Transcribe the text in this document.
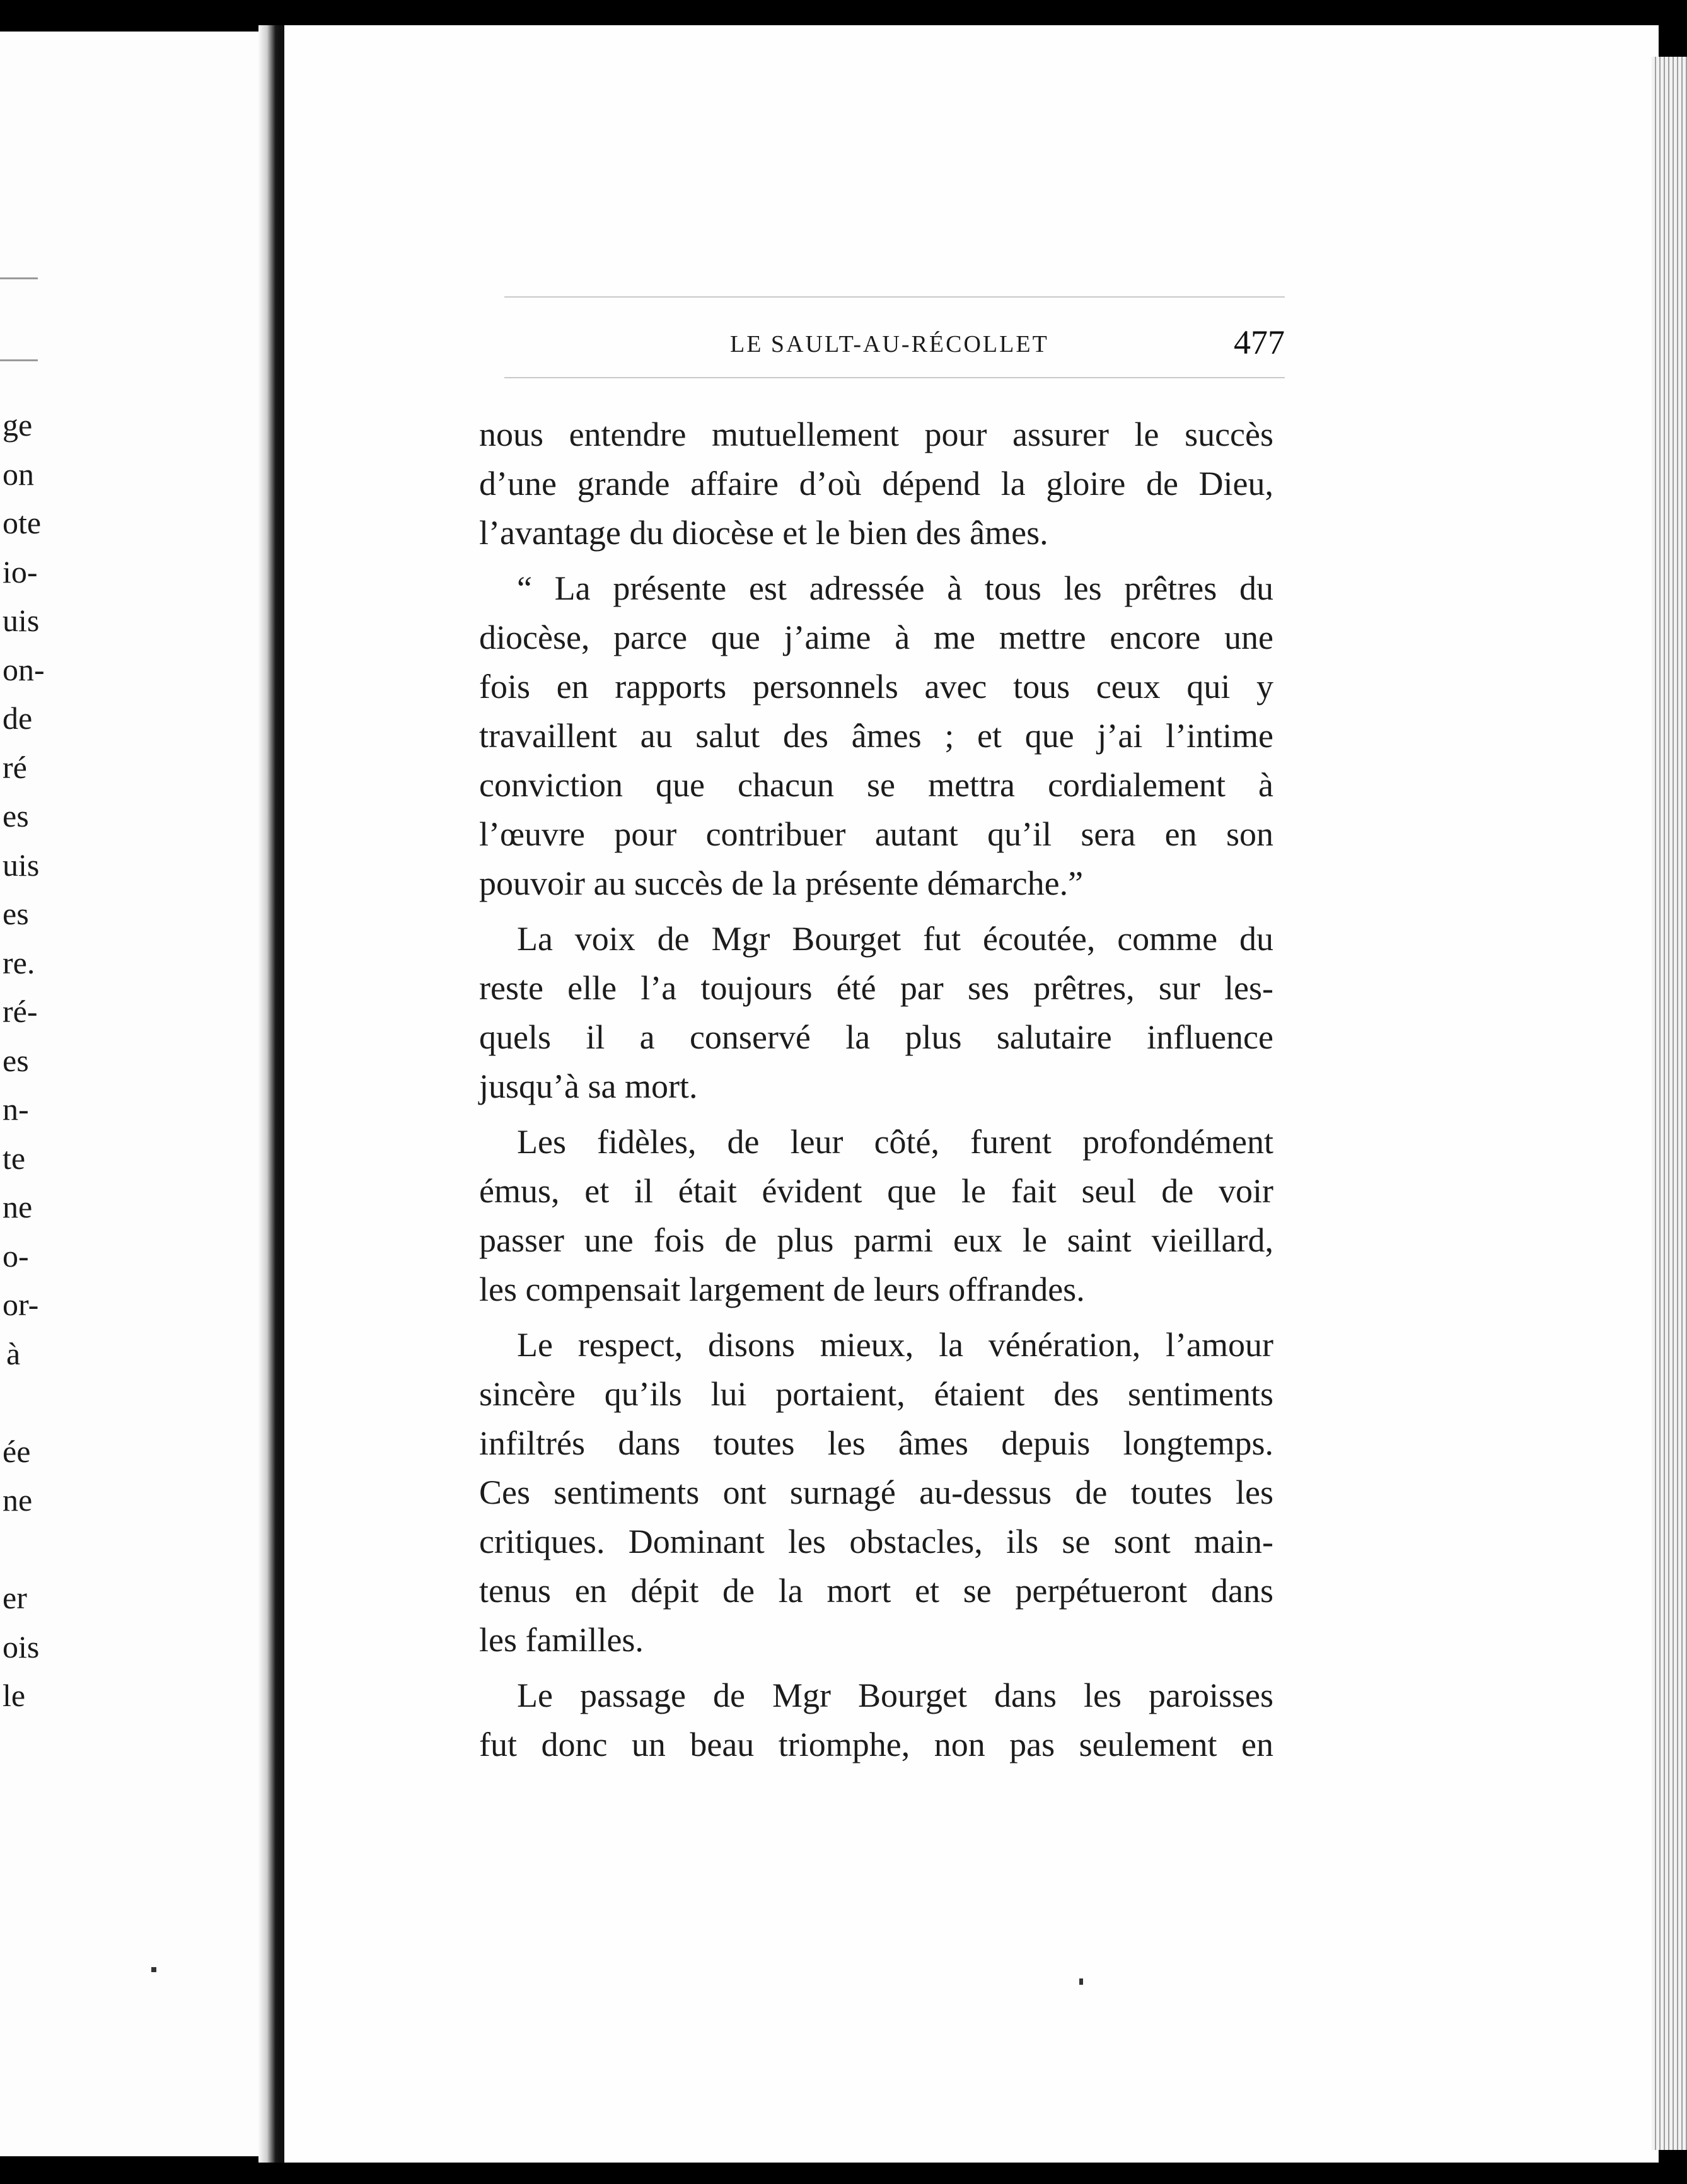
ge
on
ote
io-
uis
on-
de
ré
es
uis
es
re.
ré-
es
n-
te
ne
o-
or-
à
ée
ne
er
ois
le
LE SAULT-AU-RÉCOLLET	477
nous entendre mutuellement pour assurer le succès
d’une grande affaire d’où dépend la gloire de Dieu,
l’avantage du diocèse et le bien des âmes.
“ La présente est adressée à tous les prêtres du
diocèse, parce que j’aime à me mettre encore une
fois en rapports personnels avec tous ceux qui y
travaillent au salut des âmes ; et que j’ai l’intime
conviction que chacun se mettra cordialement à
l’œuvre pour contribuer autant qu’il sera en son
pouvoir au succès de la présente démarche.”
La voix de Mgr Bourget fut écoutée, comme du
reste elle l’a toujours été par ses prêtres, sur les-
quels il a conservé la plus salutaire influence
jusqu’à sa mort.
Les fidèles, de leur côté, furent profondément
émus, et il était évident que le fait seul de voir
passer une fois de plus parmi eux le saint vieillard,
les compensait largement de leurs offrandes.
Le respect, disons mieux, la vénération, l’amour
sincère qu’ils lui portaient, étaient des sentiments
infiltrés dans toutes les âmes depuis longtemps.
Ces sentiments ont surnagé au-dessus de toutes les
critiques. Dominant les obstacles, ils se sont main-
tenus en dépit de la mort et se perpétueront dans
les familles.
Le passage de Mgr Bourget dans les paroisses
fut donc un beau triomphe, non pas seulement en
